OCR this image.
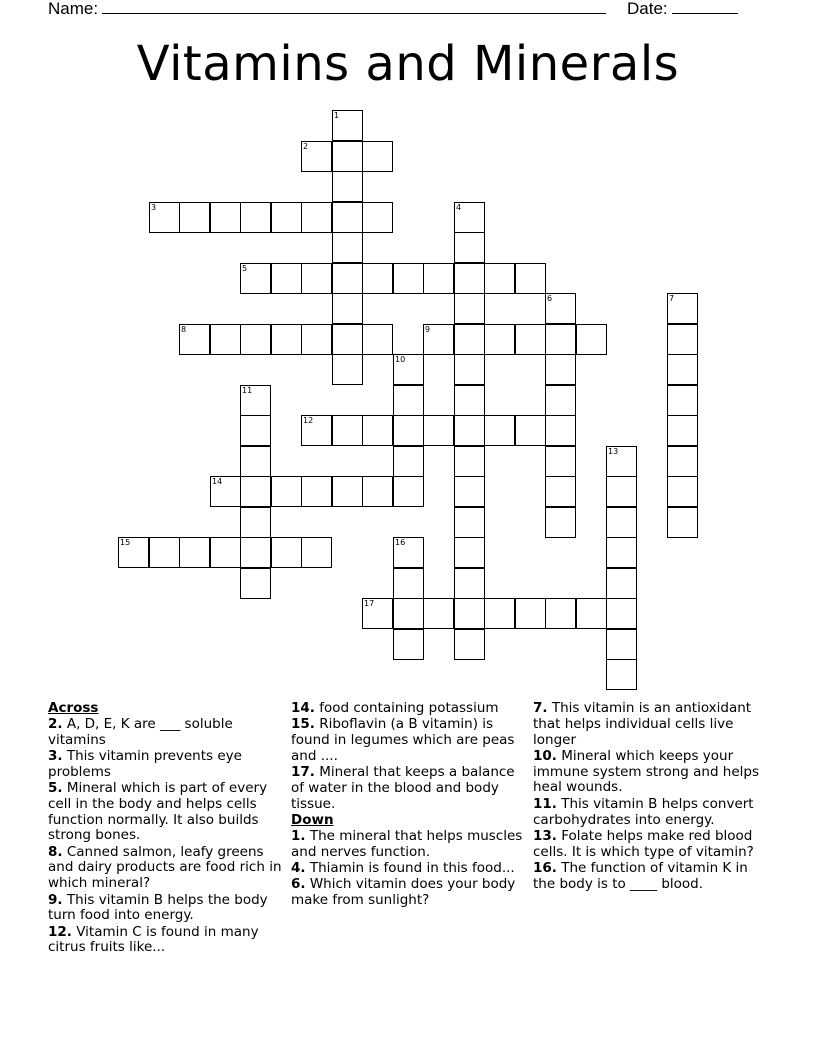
Name:	Date:
Vitamins and Minerals
1
2
3	4
5
6	7
8	9
10
11
12
13
14
15	16
17
Across
2. A, D, E, K are ___ soluble vitamins
3. This vitamin prevents eye problems
5. Mineral which is part of every cell in the body and helps cells function normally. It also builds strong bones.
8. Canned salmon, leafy greens and dairy products are food rich in which mineral?
9. This vitamin B helps the body turn food into energy.
12. Vitamin C is found in many citrus fruits like...
14. food containing potassium
15. Riboflavin (a B vitamin) is found in legumes which are peas and ....
17. Mineral that keeps a balance of water in the blood and body tissue.
Down
1. The mineral that helps muscles and nerves function.
4. Thiamin is found in this food...
6. Which vitamin does your body make from sunlight?
7. This vitamin is an antioxidant that helps individual cells live longer
10. Mineral which keeps your immune system strong and helps heal wounds.
11. This vitamin B helps convert carbohydrates into energy.
13. Folate helps make red blood cells. It is which type of vitamin?
16. The function of vitamin K in the body is to ____ blood.
